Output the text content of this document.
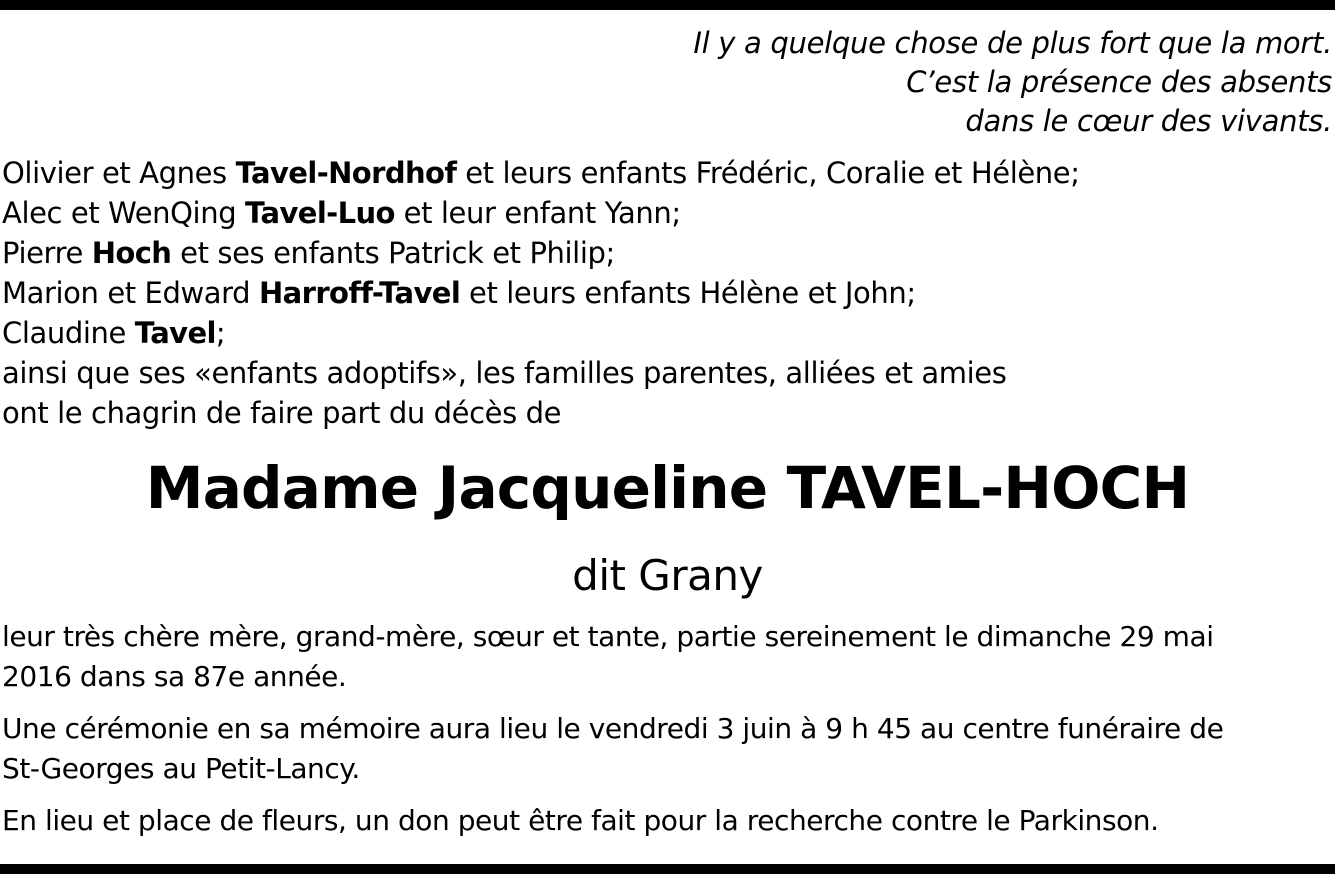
Il y a quelque chose de plus fort que la mort.
C’est la présence des absents
dans le cœur des vivants.
Olivier et Agnes Tavel-Nordhof et leurs enfants Frédéric, Coralie et Hélène;
Alec et WenQing Tavel-Luo et leur enfant Yann;
Pierre Hoch et ses enfants Patrick et Philip;
Marion et Edward Harroff-Tavel et leurs enfants Hélène et John;
Claudine Tavel;
ainsi que ses «enfants adoptifs», les familles parentes, alliées et amies
ont le chagrin de faire part du décès de
Madame Jacqueline TAVEL-HOCH
dit Grany
leur très chère mère, grand-mère, sœur et tante, partie sereinement le dimanche 29 mai
2016 dans sa 87e année.
Une cérémonie en sa mémoire aura lieu le vendredi 3 juin à 9 h 45 au centre funéraire de
St-Georges au Petit-Lancy.
En lieu et place de fleurs, un don peut être fait pour la recherche contre le Parkinson.
